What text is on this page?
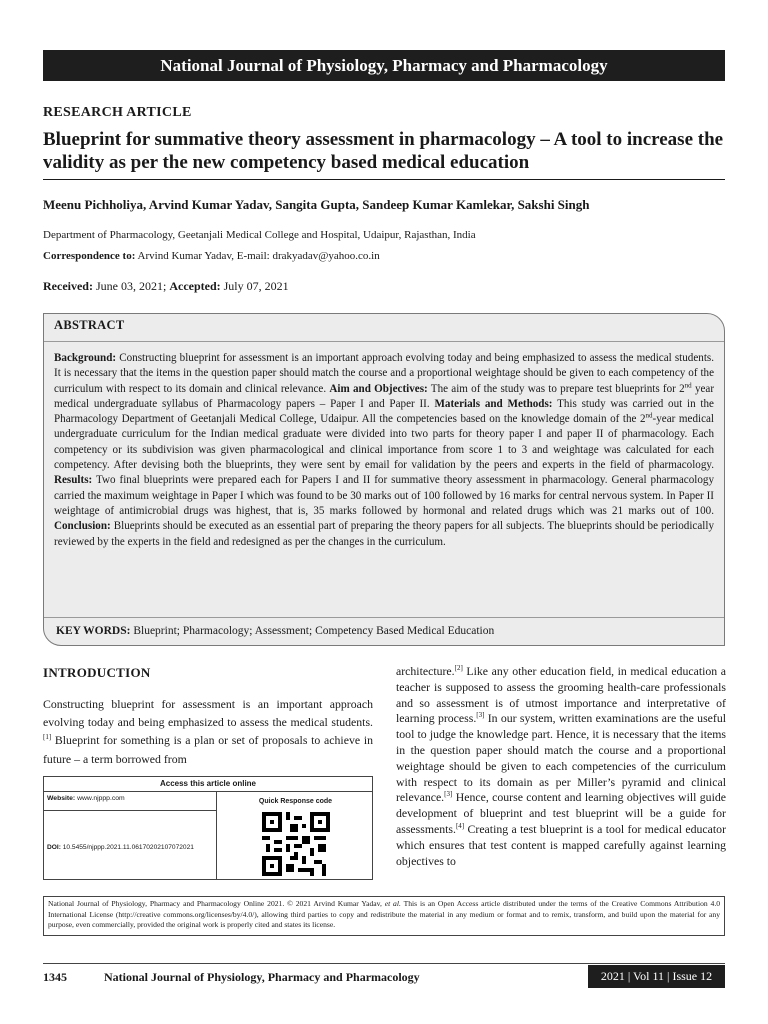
National Journal of Physiology, Pharmacy and Pharmacology
RESEARCH ARTICLE
Blueprint for summative theory assessment in pharmacology – A tool to increase the validity as per the new competency based medical education
Meenu Pichholiya, Arvind Kumar Yadav, Sangita Gupta, Sandeep Kumar Kamlekar, Sakshi Singh
Department of Pharmacology, Geetanjali Medical College and Hospital, Udaipur, Rajasthan, India
Correspondence to: Arvind Kumar Yadav, E-mail: drakyadav@yahoo.co.in
Received: June 03, 2021; Accepted: July 07, 2021
ABSTRACT
Background: Constructing blueprint for assessment is an important approach evolving today and being emphasized to assess the medical students. It is necessary that the items in the question paper should match the course and a proportional weightage should be given to each competency of the curriculum with respect to its domain and clinical relevance. Aim and Objectives: The aim of the study was to prepare test blueprints for 2nd year medical undergraduate syllabus of Pharmacology papers – Paper I and Paper II. Materials and Methods: This study was carried out in the Pharmacology Department of Geetanjali Medical College, Udaipur. All the competencies based on the knowledge domain of the 2nd-year medical undergraduate curriculum for the Indian medical graduate were divided into two parts for theory paper I and paper II of pharmacology. Each competency or its subdivision was given pharmacological and clinical importance from score 1 to 3 and weightage was calculated for each competency. After devising both the blueprints, they were sent by email for validation by the peers and experts in the field of pharmacology. Results: Two final blueprints were prepared each for Papers I and II for summative theory assessment in pharmacology. General pharmacology carried the maximum weightage in Paper I which was found to be 30 marks out of 100 followed by 16 marks for central nervous system. In Paper II weightage of antimicrobial drugs was highest, that is, 35 marks followed by hormonal and related drugs which was 21 marks out of 100. Conclusion: Blueprints should be executed as an essential part of preparing the theory papers for all subjects. The blueprints should be periodically reviewed by the experts in the field and redesigned as per the changes in the curriculum.
KEY WORDS: Blueprint; Pharmacology; Assessment; Competency Based Medical Education
INTRODUCTION
Constructing blueprint for assessment is an important approach evolving today and being emphasized to assess the medical students.[1] Blueprint for something is a plan or set of proposals to achieve in future – a term borrowed from
architecture.[2] Like any other education field, in medical education a teacher is supposed to assess the grooming health-care professionals and so assessment is of utmost importance and interpretative of learning process.[3] In our system, written examinations are the useful tool to judge the knowledge part. Hence, it is necessary that the items in the question paper should match the course and a proportional weightage should be given to each competencies of the curriculum with respect to its domain as per Miller’s pyramid and clinical relevance.[3] Hence, course content and learning objectives will guide development of blueprint and test blueprint will be a guide for assessments.[4] Creating a test blueprint is a tool for medical educator which ensures that test content is mapped carefully against learning objectives to
Access this article online
Website: www.njppp.com
DOI: 10.5455/njppp.2021.11.06170202107072021
Quick Response code
National Journal of Physiology, Pharmacy and Pharmacology Online 2021. © 2021 Arvind Kumar Yadav, et al. This is an Open Access article distributed under the terms of the Creative Commons Attribution 4.0 International License (http://creative commons.org/licenses/by/4.0/), allowing third parties to copy and redistribute the material in any medium or format and to remix, transform, and build upon the material for any purpose, even commercially, provided the original work is properly cited and states its license.
1345	National Journal of Physiology, Pharmacy and Pharmacology	2021 | Vol 11 | Issue 12
